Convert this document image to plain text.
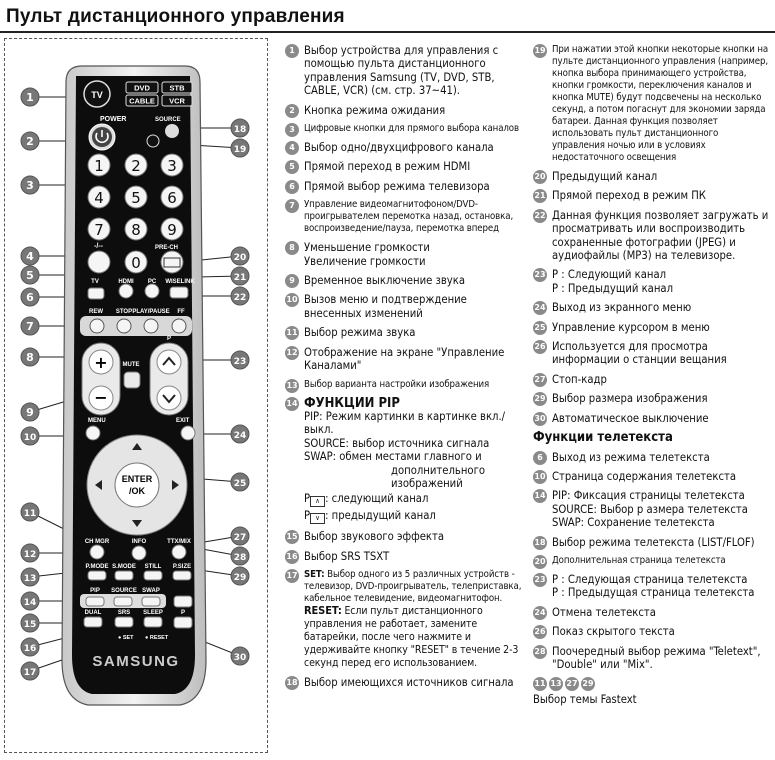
Пульт дистанционного управления
TV
DVD	STB
CABLE VCR
POWER	SOURCE
1 2 3
4 5 6
7 8 9
0
-/--	PRE-CH
TV	HDMI PC WISELINK
REW STOP PLAY/PAUSE FF
+
−
MUTE
P
MENU	EXIT
ENTER
/OK
CH MGR	INFO	TTX/MIX
P.MODE S.MODE STILL P.SIZE
PIP SOURCE SWAP
P
DUAL	SRS SLEEP
● SET ● RESET
SAMSUNG
1
2
3
4
5
6
7
8
9
10
11
12
13
14
15
16
17
18
19
20
21
22
23
24
25
27
28
29
30
1 Выбор устройства для управления с помощью пульта дистанционного управления Samsung (TV, DVD, STB, CABLE, VCR) (см. стр. 37~41).
2 Кнопка режима ожидания
3 Цифровые кнопки для прямого выбора каналов
4 Выбор одно/двухцифрового канала
5 Прямой переход в режим HDMI
6 Прямой выбор режима телевизора
7 Управление видеомагнитофоном/DVD-проигрывателем перемотка назад, остановка, воспроизведение/пауза, перемотка вперед
8 Уменьшение громкости
Увеличение громкости
9 Временное выключение звука
10 Вызов меню и подтверждение внесенных изменений
11 Выбор режима звука
12 Отображение на экране "Управление Каналами"
13 Выбор варианта настройки изображения
14 ФУНКЦИИ PIP
PIP: Режим картинки в картинке вкл./выкл.
SOURCE: выбор источника сигнала
SWAP: обмен местами главного и
дополнительного изображений
P ∧ : следующий канал
P ∨ : предыдущий канал
15 Выбор звукового эффекта
16 Выбор SRS TSXT
17 SET: Выбор одного из 5 различных устройств - телевизор, DVD-проигрыватель, телеприставка, кабельное телевидение, видеомагнитофон.
RESET: Если пульт дистанционного управления не работает, замените батарейки, после чего нажмите и удерживайте кнопку "RESET" в течение 2-3 секунд перед его использованием.
18 Выбор имеющихся источников сигнала
19 При нажатии этой кнопки некоторые кнопки на пульте дистанционного управления (например, кнопка выбора принимающего устройства, кнопки громкости, переключения каналов и кнопка MUTE) будут подсвечены на несколько секунд, а потом погаснут для экономии заряда батареи. Данная функция позволяет использовать пульт дистанционного управления ночью или в условиях недостаточного освещения
20 Предыдущий канал
21 Прямой переход в режим ПК
22 Данная функция позволяет загружать и просматривать или воспроизводить сохраненные фотографии (JPEG) и аудиофайлы (MP3) на телевизоре.
23 P : Следующий канал
P : Предыдущий канал
24 Выход из экранного меню
25 Управление курсором в меню
26 Используется для просмотра информации о станции вещания
27 Стоп-кадр
29 Выбор размера изображения
30 Автоматическое выключение
Функции телетекста
6 Выход из режима телетекста
10 Страница содержания телетекста
14 PIP: Фиксация страницы телетекста
SOURCE: Выбор р азмера телетекста
SWAP: Сохранение телетекста
18 Выбор режима телетекста (LIST/FLOF)
20 Дополнительная страница телетекста
23 P : Следующая страница телетекста
P : Предыдущая страница телетекста
24 Отмена телетекста
26 Показ скрытого текста
28 Поочередный выбор режима "Teletext", "Double" или "Mix".
11 13 27 29
Выбор темы Fastext
